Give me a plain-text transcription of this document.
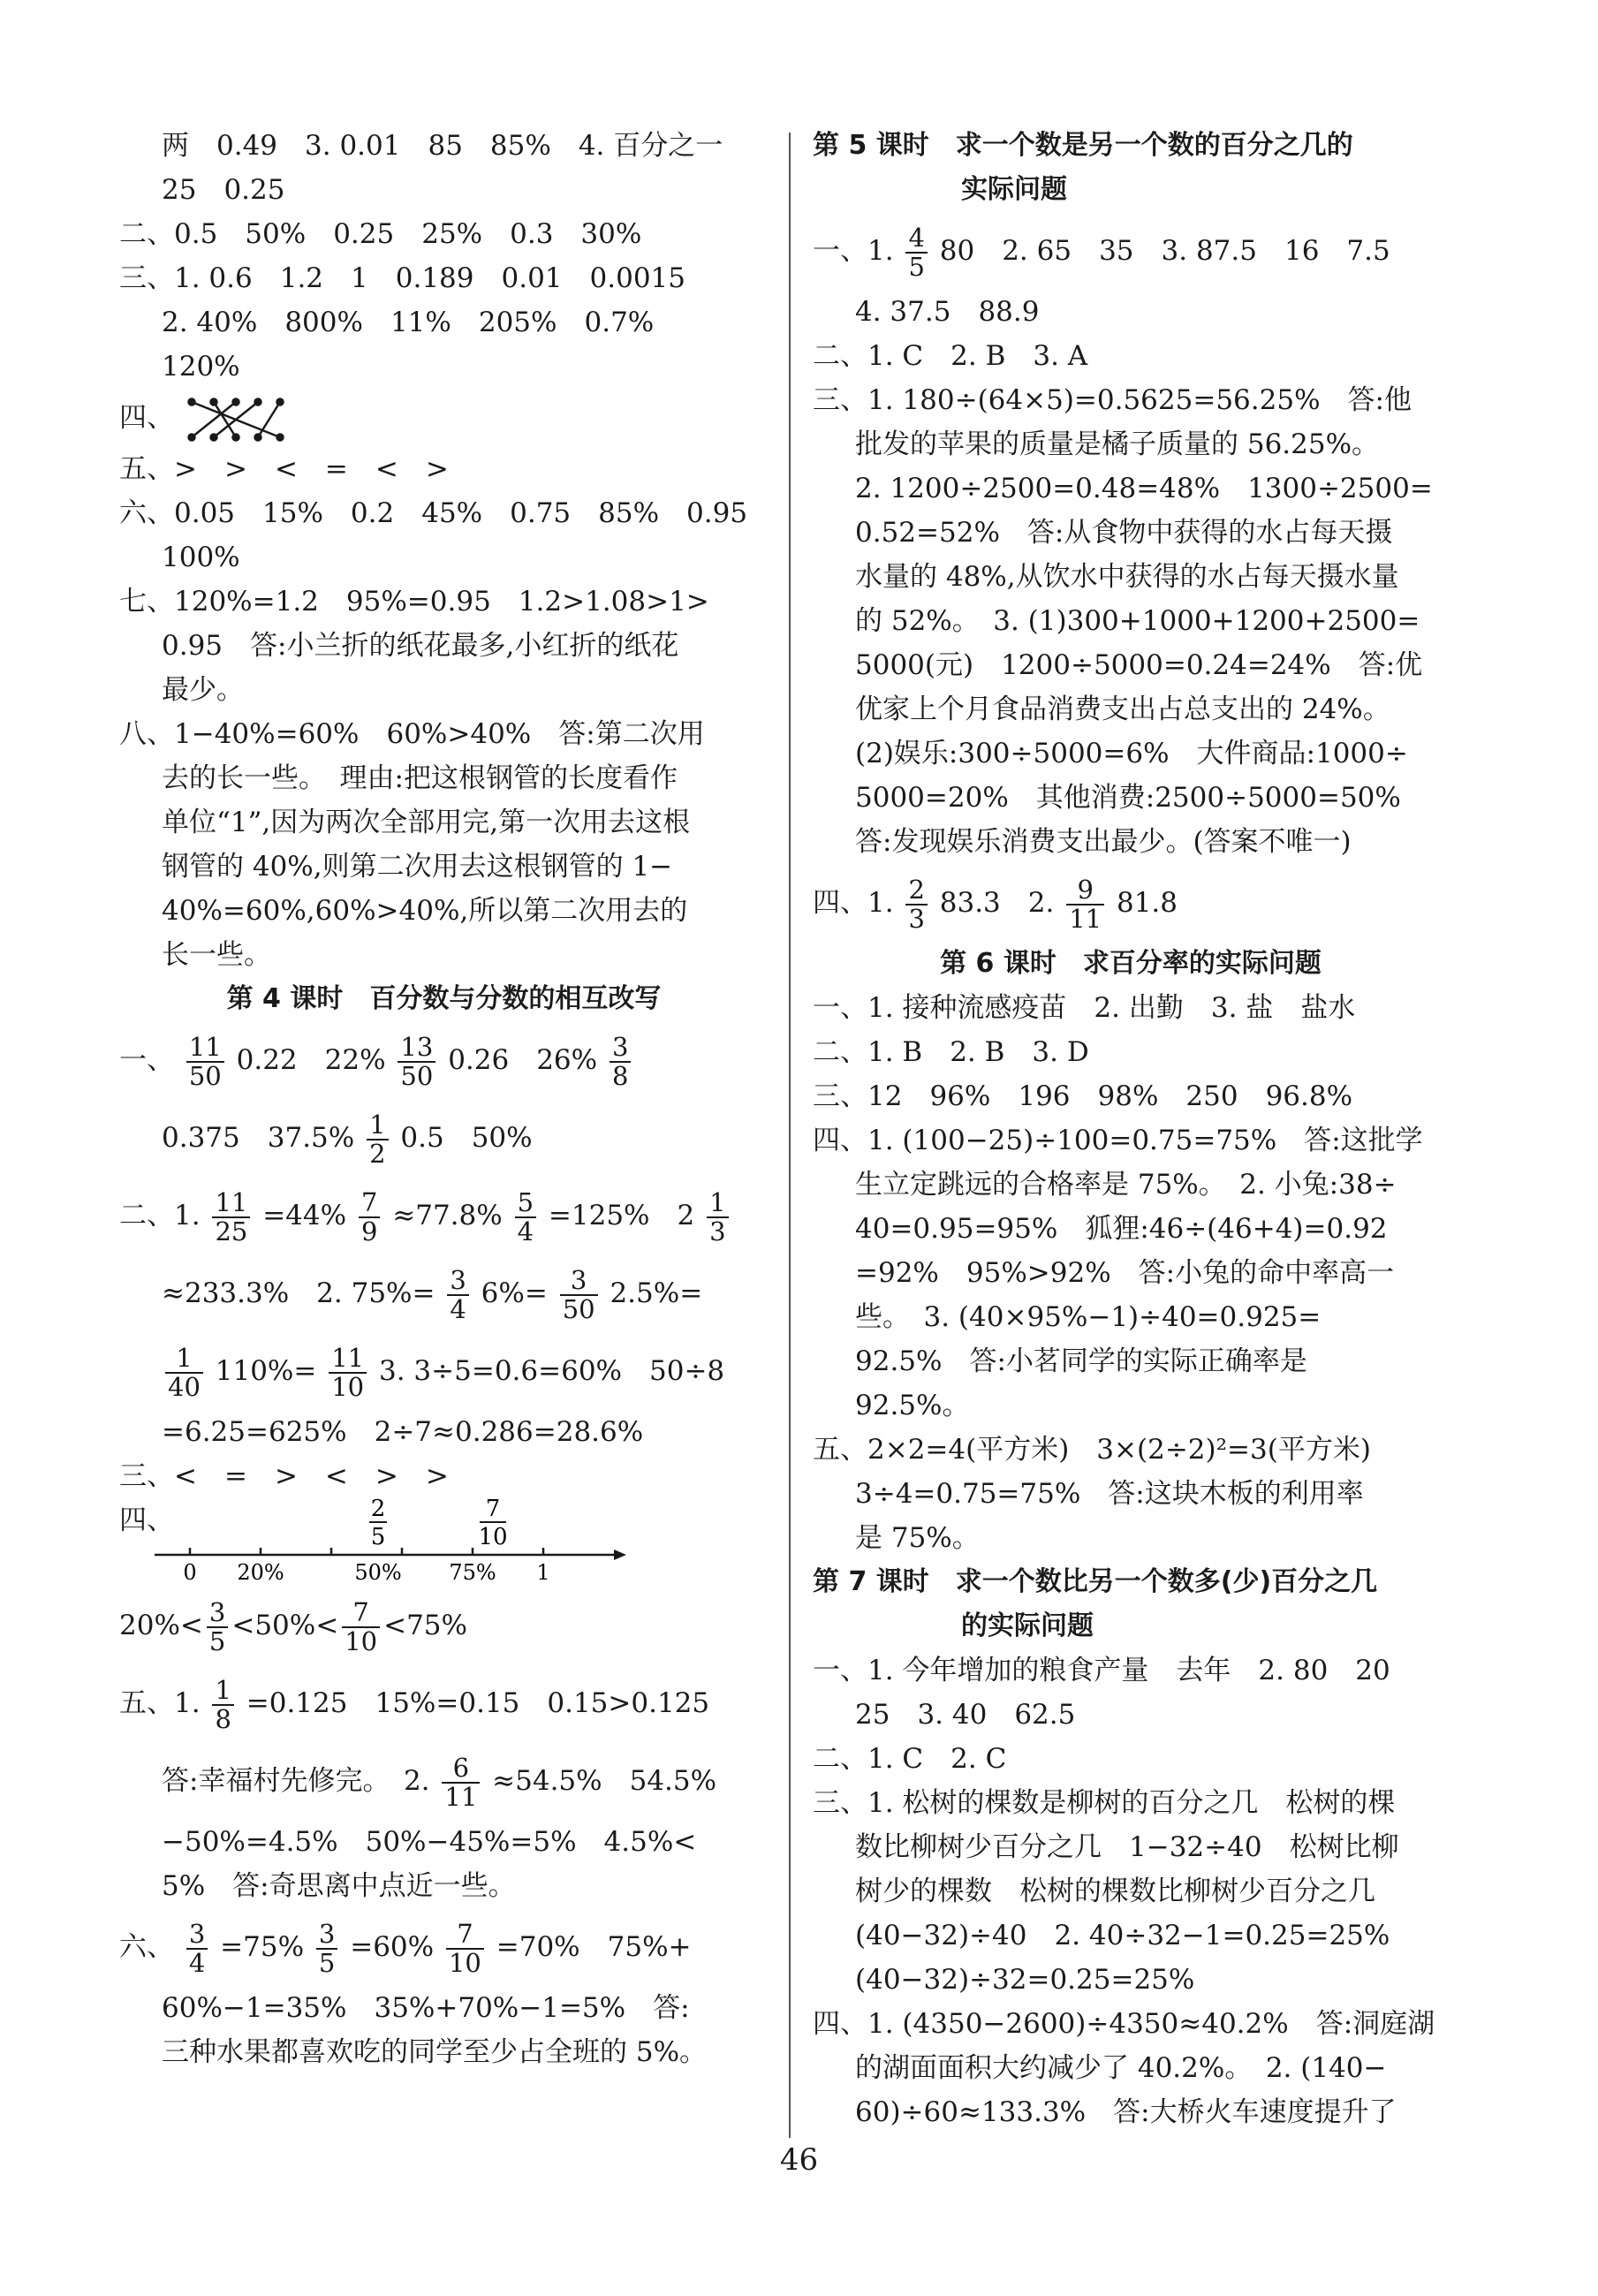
两　0.49　3. 0.01　85　85%　4. 百分之一
25　0.25
二、0.5　50%　0.25　25%　0.3　30%
三、1. 0.6　1.2　1　0.189　0.01　0.0015
2. 40%　800%　11%　205%　0.7%
120%
四、
五、>　>　<　=　<　>
六、0.05　15%　0.2　45%　0.75　85%　0.95
100%
七、120%=1.2　95%=0.95　1.2>1.08>1>
0.95　答:小兰折的纸花最多,小红折的纸花
最少。
八、1−40%=60%　60%>40%　答:第二次用
去的长一些。　理由:把这根钢管的长度看作
单位“1”,因为两次全部用完,第一次用去这根
钢管的 40%,则第二次用去这根钢管的 1−
40%=60%,60%>40%,所以第二次用去的
长一些。
第 4 课时　百分数与分数的相互改写
一、 $\frac{11}{50} 0.22$　$22\% \frac{13}{50} 0.26$　$26\% \frac{3}{8}$
0.375　$37.5\% \frac{1}{2} 0.5$　50%
二、1. $\frac{11}{25} =44\% \frac{7}{9} \approx 77.8\% \frac{5}{4} =125\%$　$2 \frac{1}{3}$
≈233.3%　2. $75\%= \frac{3}{4} 6\%= \frac{3}{50} 2.5\%=$
$\frac{1}{40} 110\%= \frac{11}{10} 3$. 3÷5=0.6=60%　50÷8
=6.25=625%　2÷7≈0.286=28.6%
三、<　=　>　<　>　>
四、	2
5
7
10
0 20%	50% 75% 1
$20\%< \frac{3}{5} <50\%< \frac{7}{10} <75\%$
五、1. $\frac{1}{8} =0.125$　15%=0.15　0.15>0.125
答:幸福村先修完。　2. $\frac{6}{11} \approx 54.5\%$　54.5%
−50%=4.5%　50%−45%=5%　4.5%<
5%　答:奇思离中点近一些。
六、 $\frac{3}{4} =75\% \frac{3}{5} =60\% \frac{7}{10} =70\%$　75%+
60%−1=35%　35%+70%−1=5%　答:
三种水果都喜欢吃的同学至少占全班的 5%。
第 5 课时　求一个数是另一个数的百分之几的
实际问题
一、1. $\frac{4}{5} 80$　2. 65　35　3. 87.5　16　7.5
4. 37.5　88.9
二、1. C　2. B　3. A
三、1. 180÷(64×5)=0.5625=56.25%　答:他
批发的苹果的质量是橘子质量的 56.25%。
2. 1200÷2500=0.48=48%　1300÷2500=
0.52=52%　答:从食物中获得的水占每天摄
水量的 48%,从饮水中获得的水占每天摄水量
的 52%。　3. (1)300+1000+1200+2500=
5000(元)　1200÷5000=0.24=24%　答:优
优家上个月食品消费支出占总支出的 24%。
(2)娱乐:300÷5000=6%　大件商品:1000÷
5000=20%　其他消费:2500÷5000=50%
答:发现娱乐消费支出最少。(答案不唯一)
四、1. $\frac{2}{3} 83.3$　2. $\frac{9}{11} 81.8$
第 6 课时　求百分率的实际问题
一、1. 接种流感疫苗　2. 出勤　3. 盐　盐水
二、1. B　2. B　3. D
三、12　96%　196　98%　250　96.8%
四、1. (100−25)÷100=0.75=75%　答:这批学
生立定跳远的合格率是 75%。　2. 小兔:38÷
40=0.95=95%　狐狸:46÷(46+4)=0.92
=92%　95%>92%　答:小兔的命中率高一
些。　3. (40×95%−1)÷40=0.925=
92.5%　答:小茗同学的实际正确率是
92.5%。
五、2×2=4(平方米)　3×(2÷2)²=3(平方米)
3÷4=0.75=75%　答:这块木板的利用率
是 75%。
第 7 课时　求一个数比另一个数多(少)百分之几
的实际问题
一、1. 今年增加的粮食产量　去年　2. 80　20
25　3. 40　62.5
二、1. C　2. C
三、1. 松树的棵数是柳树的百分之几　松树的棵
数比柳树少百分之几　1−32÷40　松树比柳
树少的棵数　松树的棵数比柳树少百分之几
(40−32)÷40　2. 40÷32−1=0.25=25%
(40−32)÷32=0.25=25%
四、1. (4350−2600)÷4350≈40.2%　答:洞庭湖
的湖面面积大约减少了 40.2%。　2. (140−
60)÷60≈133.3%　答:大桥火车速度提升了
46
